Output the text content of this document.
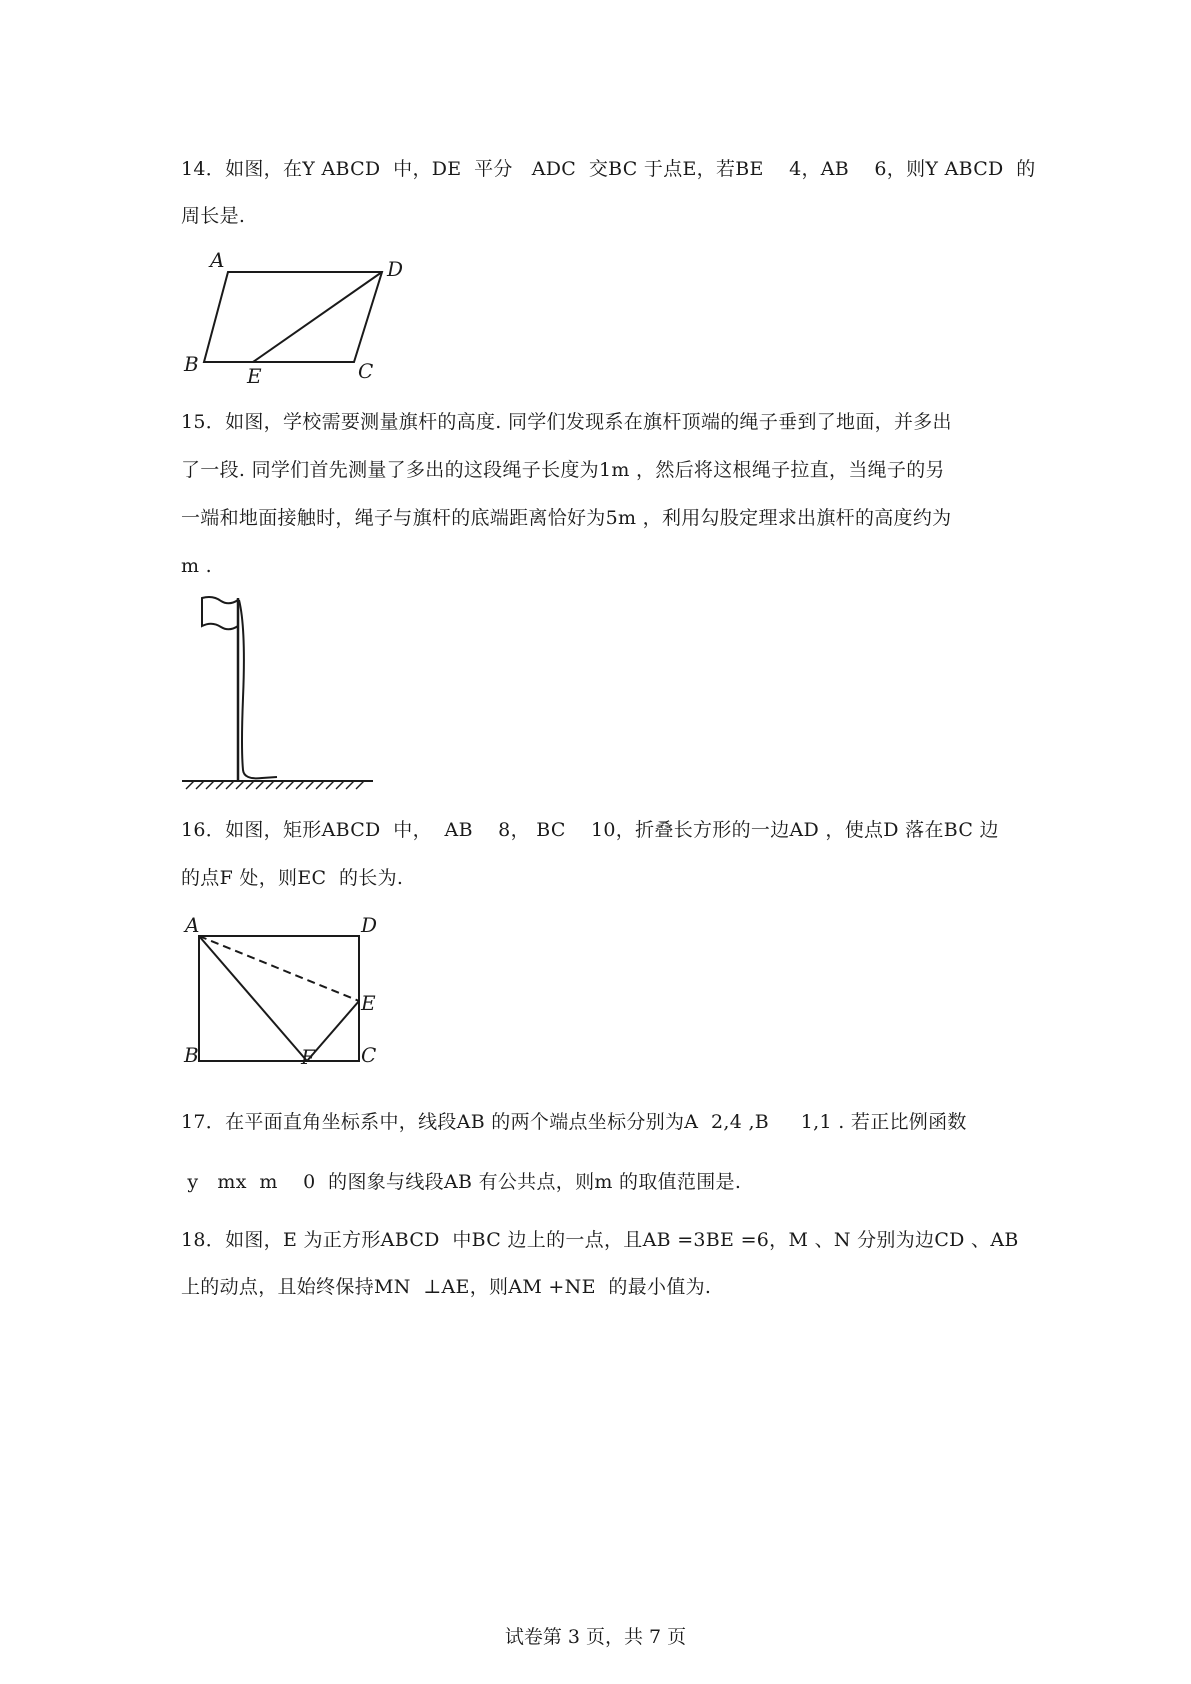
14．如图，在Y ABCD  中，DE  平分   ADC  交BC 于点E，若BE    4，AB    6，则Y ABCD  的
周长是.
A	D
B E	C
15．如图，学校需要测量旗杆的高度. 同学们发现系在旗杆顶端的绳子垂到了地面，并多出
了一段. 同学们首先测量了多出的这段绳子长度为1m ，然后将这根绳子拉直，当绳子的另
一端和地面接触时，绳子与旗杆的底端距离恰好为5m ，利用勾股定理求出旗杆的高度约为
m .
16．如图，矩形ABCD  中，  AB    8， BC    10，折叠长方形的一边AD ，使点D 落在BC 边
的点F 处，则EC  的长为.
A	D
E
B	F C
17．在平面直角坐标系中，线段AB 的两个端点坐标分别为A  2,4 ,B     1,1 . 若正比例函数
y   mx  m    0  的图象与线段AB 有公共点，则m 的取值范围是.
18．如图，E 为正方形ABCD  中BC 边上的一点，且AB =3BE =6，M 、N 分别为边CD 、AB
上的动点，且始终保持MN  ⊥AE，则AM +NE  的最小值为.
试卷第 3 页，共 7 页
